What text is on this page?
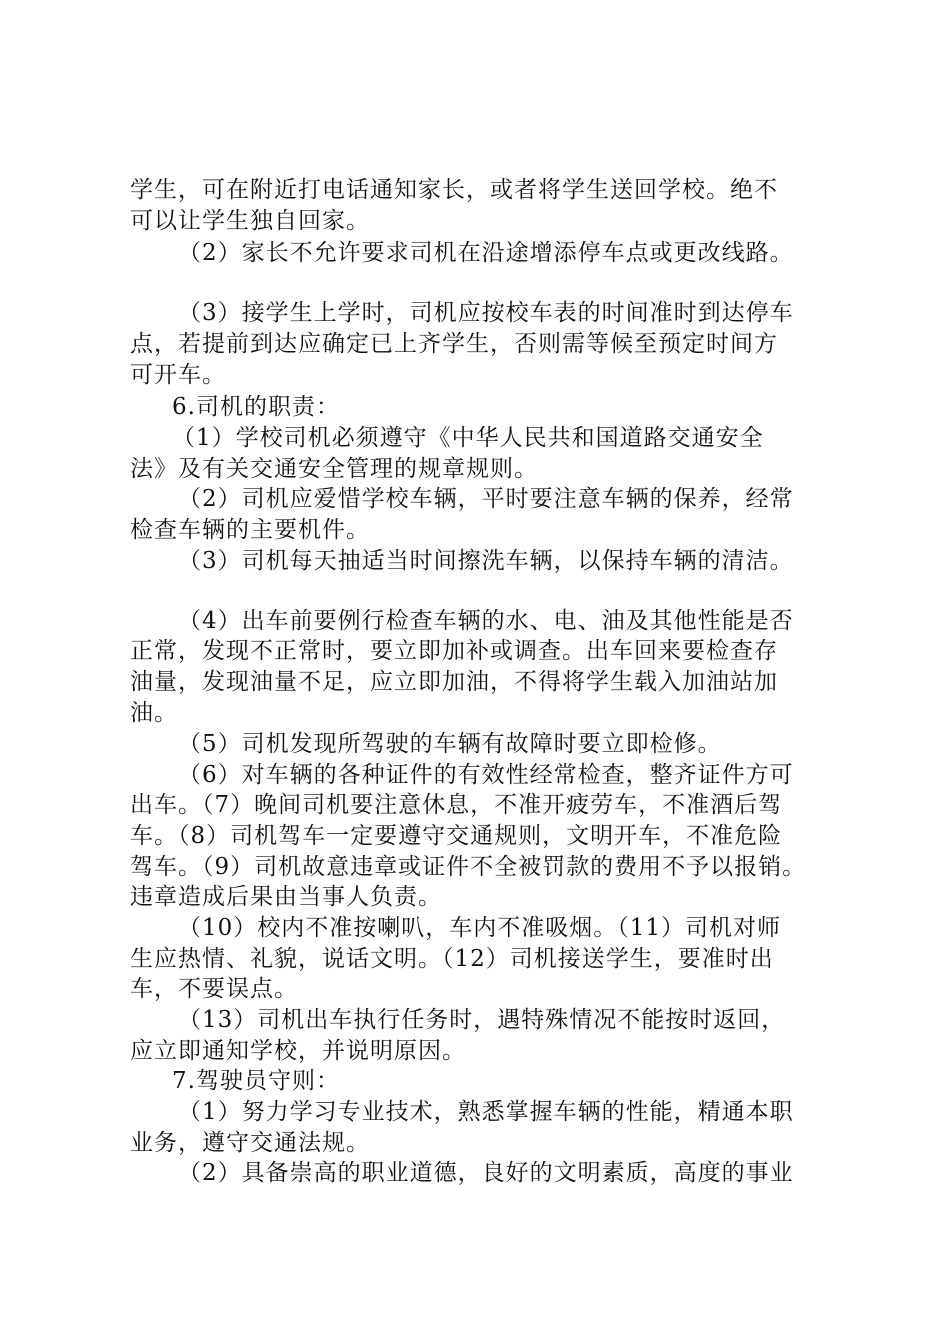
学生，可在附近打电话通知家长，或者将学生送回学校。绝不

可以让学生独自回家。

（2）家长不允许要求司机在沿途增添停车点或更改线路。

（3）接学生上学时，司机应按校车表的时间准时到达停车

点，若提前到达应确定已上齐学生，否则需等候至预定时间方

可开车。

6.司机的职责：

（1）学校司机必须遵守《中华人民共和国道路交通安全

法》及有关交通安全管理的规章规则。

（2）司机应爱惜学校车辆，平时要注意车辆的保养，经常

检查车辆的主要机件。

（3）司机每天抽适当时间擦洗车辆，以保持车辆的清洁。

（4）出车前要例行检查车辆的水、电、油及其他性能是否

正常，发现不正常时，要立即加补或调查。出车回来要检查存

油量，发现油量不足，应立即加油，不得将学生载入加油站加

油。

（5）司机发现所驾驶的车辆有故障时要立即检修。

（6）对车辆的各种证件的有效性经常检查，整齐证件方可

出车。（7）晚间司机要注意休息，不准开疲劳车，不准酒后驾

车。（8）司机驾车一定要遵守交通规则，文明开车，不准危险

驾车。（9）司机故意违章或证件不全被罚款的费用不予以报销。

违章造成后果由当事人负责。

（10）校内不准按喇叭，车内不准吸烟。（11）司机对师

生应热情、礼貌，说话文明。（12）司机接送学生，要准时出

车，不要误点。

（13）司机出车执行任务时，遇特殊情况不能按时返回，

应立即通知学校，并说明原因。

7.驾驶员守则：

（1）努力学习专业技术，熟悉掌握车辆的性能，精通本职

业务，遵守交通法规。

（2）具备崇高的职业道德，良好的文明素质，高度的事业
